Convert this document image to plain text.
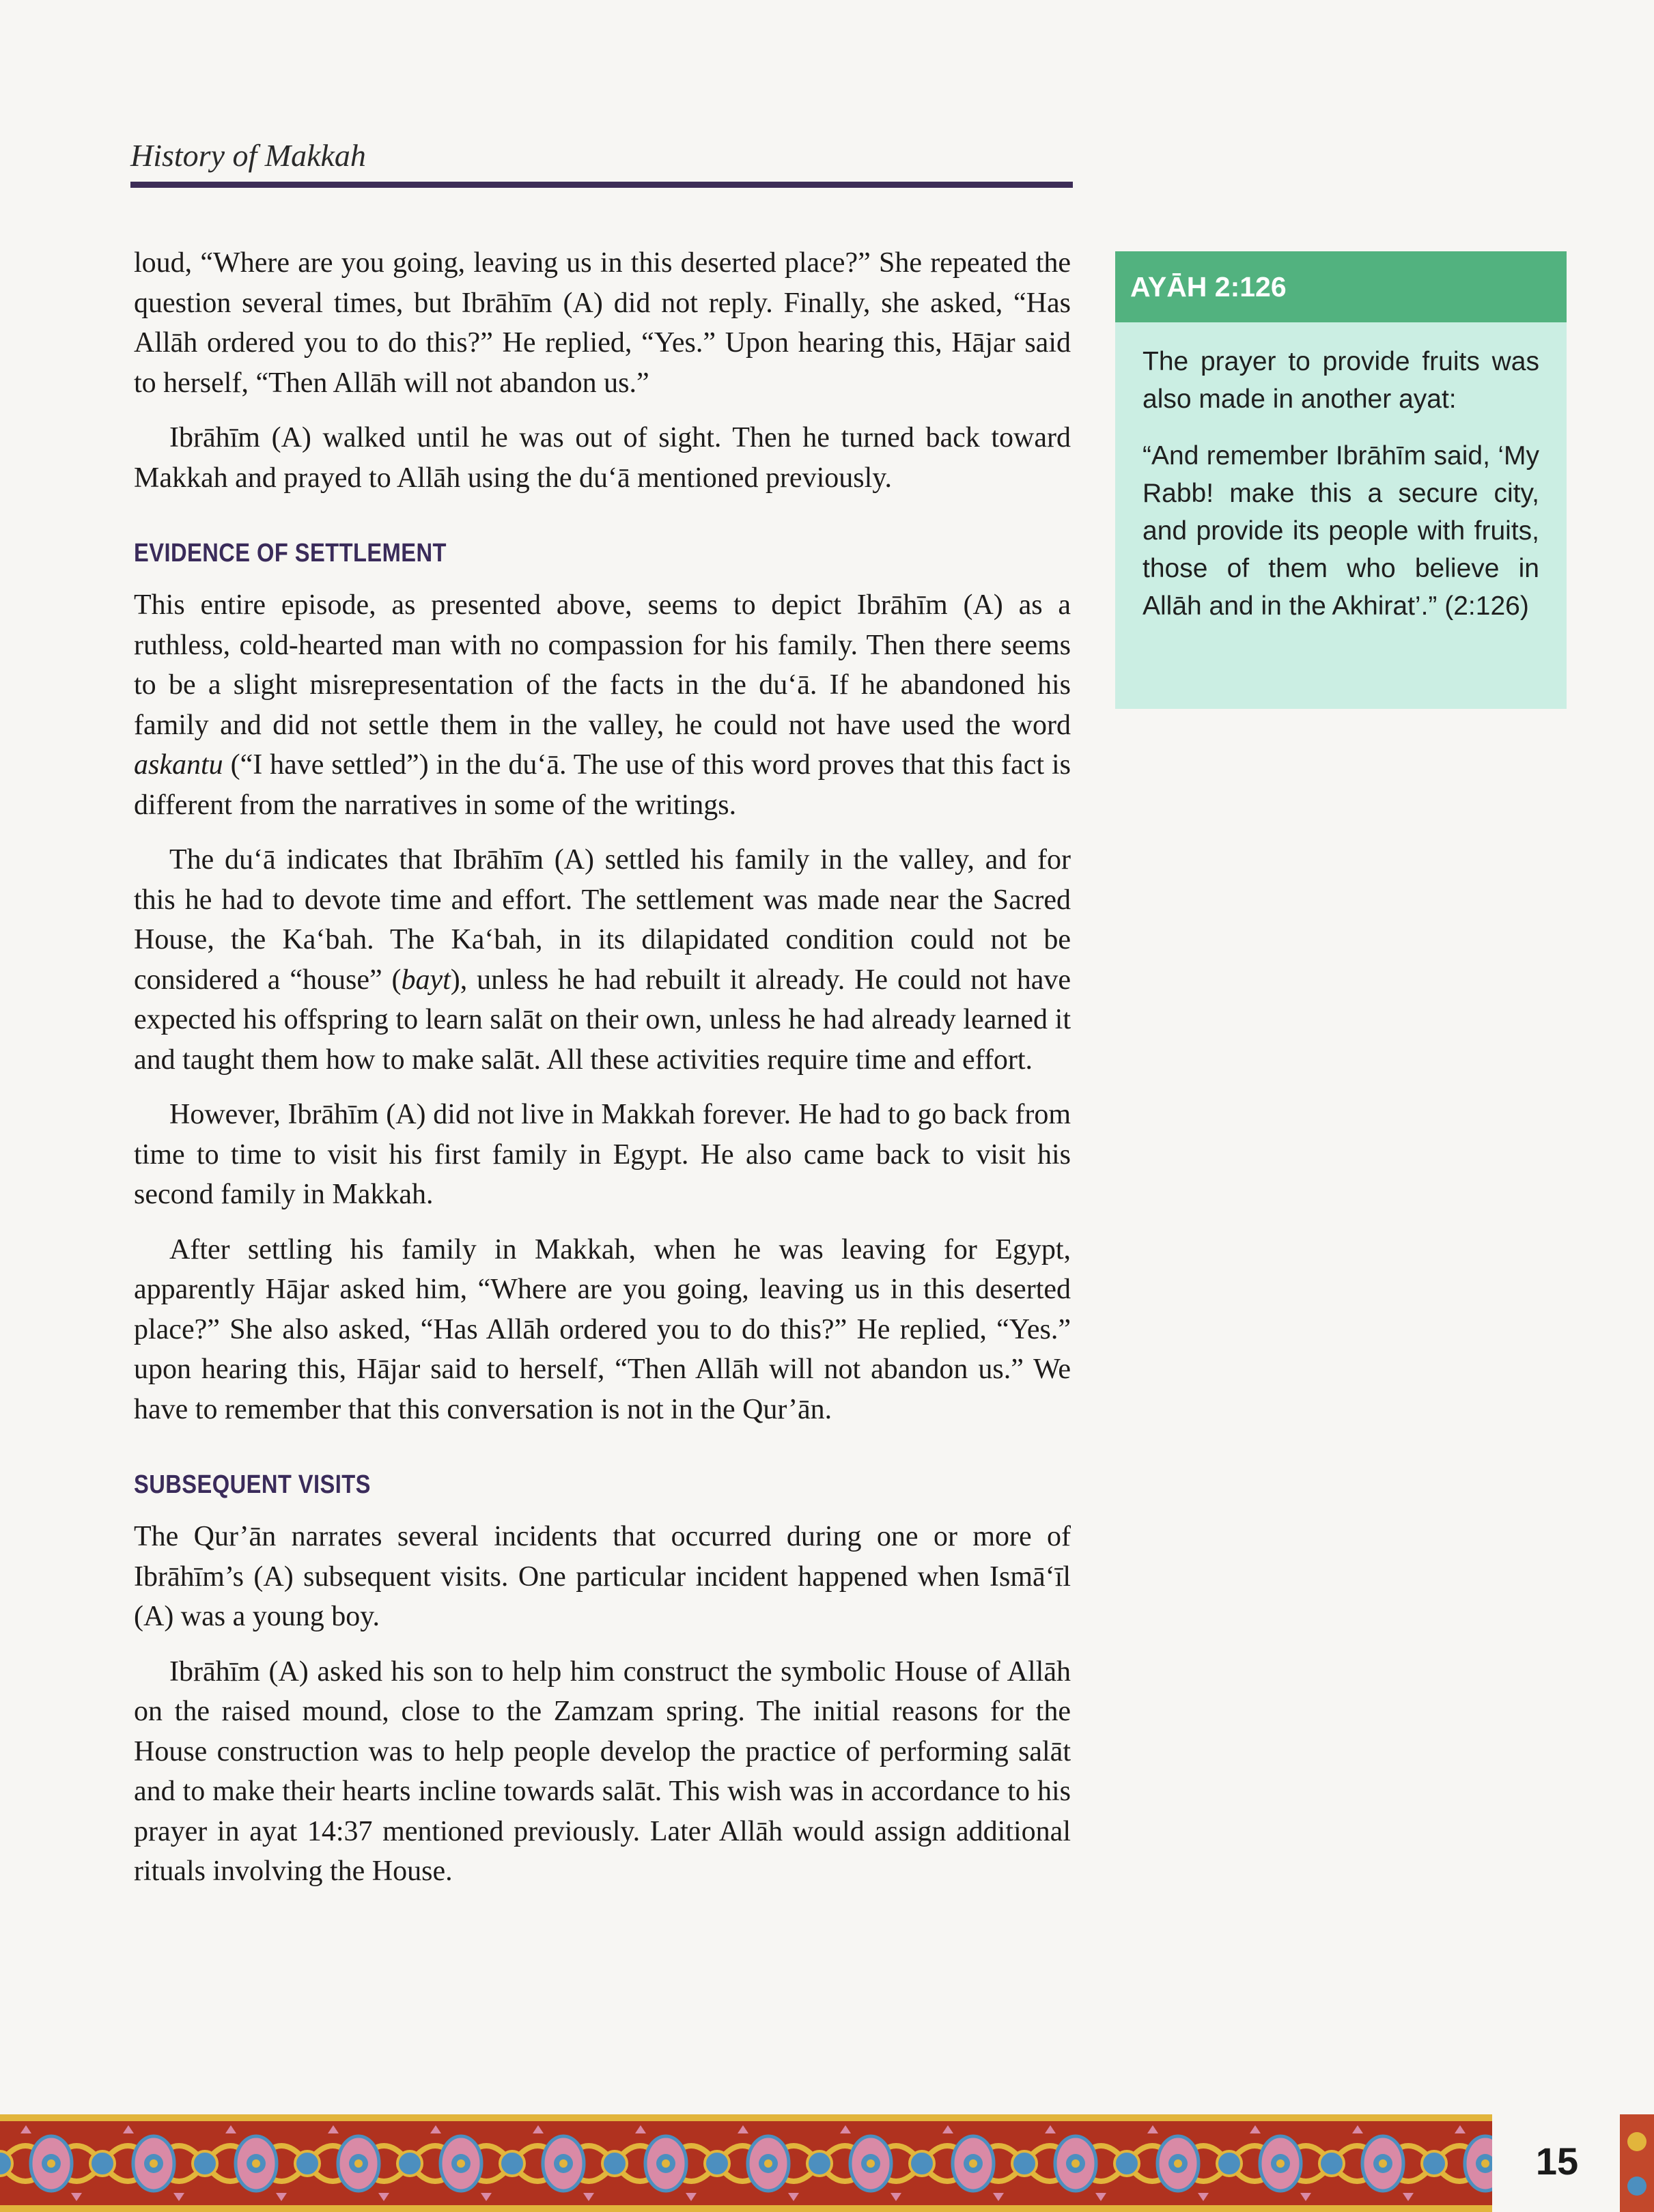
History of Makkah

loud, “Where are you going, leaving us in this deserted place?” She repeated the question several times, but Ibrāhīm (A) did not reply. Finally, she asked, “Has Allāh ordered you to do this?” He replied, “Yes.” Upon hearing this, Hājar said to herself, “Then Allāh will not abandon us.”

Ibrāhīm (A) walked until he was out of sight. Then he turned back toward Makkah and prayed to Allāh using the du‘ā mentioned previously.

EVIDENCE OF SETTLEMENT

This entire episode, as presented above, seems to depict Ibrāhīm (A) as a ruthless, cold-hearted man with no compassion for his family. Then there seems to be a slight misrepresentation of the facts in the du‘ā. If he abandoned his family and did not settle them in the valley, he could not have used the word askantu (“I have settled”) in the du‘ā. The use of this word proves that this fact is different from the narratives in some of the writings.

The du‘ā indicates that Ibrāhīm (A) settled his family in the valley, and for this he had to devote time and effort. The settlement was made near the Sacred House, the Ka‘bah. The Ka‘bah, in its dilapidated condition could not be considered a “house” (bayt), unless he had rebuilt it already. He could not have expected his offspring to learn salāt on their own, unless he had already learned it and taught them how to make salāt. All these activities require time and effort.

However, Ibrāhīm (A) did not live in Makkah forever. He had to go back from time to time to visit his first family in Egypt. He also came back to visit his second family in Makkah.

After settling his family in Makkah, when he was leaving for Egypt, apparently Hājar asked him, “Where are you going, leaving us in this deserted place?” She also asked, “Has Allāh ordered you to do this?” He replied, “Yes.” upon hearing this, Hājar said to herself, “Then Allāh will not abandon us.” We have to remember that this conversation is not in the Qur’ān.

SUBSEQUENT VISITS

The Qur’ān narrates several incidents that occurred during one or more of Ibrāhīm’s (A) subsequent visits. One particular incident happened when Ismā‘īl (A) was a young boy.

Ibrāhīm (A) asked his son to help him construct the symbolic House of Allāh on the raised mound, close to the Zamzam spring. The initial reasons for the House construction was to help people develop the practice of performing salāt and to make their hearts incline towards salāt. This wish was in accordance to his prayer in ayat 14:37 mentioned previously. Later Allāh would assign additional rituals involving the House.

AYĀH 2:126

The prayer to provide fruits was also made in another ayat:

“And remember Ibrāhīm said, ‘My Rabb! make this a secure city, and provide its people with fruits, those of them who believe in Allāh and in the Akhirat’.” (2:126)

15
